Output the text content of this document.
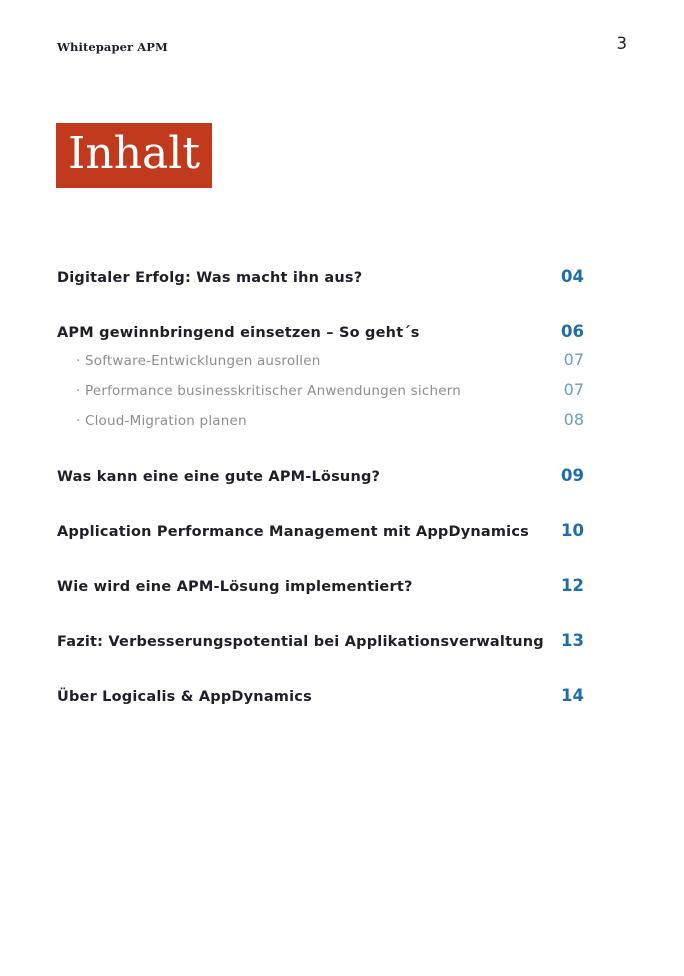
Whitepaper APM	3
Inhalt
Digitaler Erfolg: Was macht ihn aus?	04
APM gewinnbringend einsetzen – So geht´s	06
· Software-Entwicklungen ausrollen	07
· Performance businesskritischer Anwendungen sichern	07
· Cloud-Migration planen	08
Was kann eine eine gute APM-Lösung?	09
Application Performance Management mit AppDynamics 10
Wie wird eine APM-Lösung implementiert?	12
Fazit: Verbesserungspotential bei Applikationsverwaltung 13
Über Logicalis & AppDynamics	14
